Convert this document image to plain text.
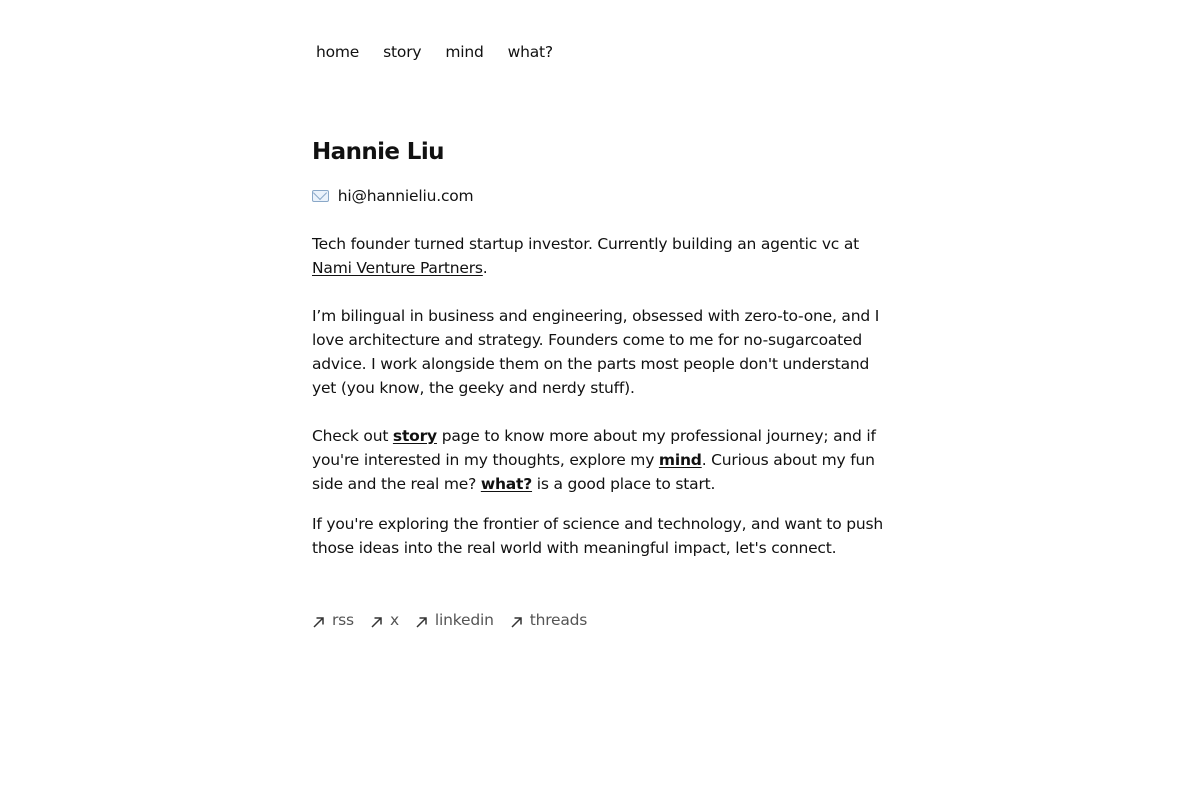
home story mind what?
Hannie Liu
hi@hannieliu.com

Tech founder turned startup investor. Currently building an agentic vc at Nami Venture Partners.

I’m bilingual in business and engineering, obsessed with zero-to-one, and I love architecture and strategy. Founders come to me for no-sugarcoated advice. I work alongside them on the parts most people don't understand yet (you know, the geeky and nerdy stuff).

Check out story page to know more about my professional journey; and if you're interested in my thoughts, explore my mind. Curious about my fun side and the real me? what? is a good place to start.

If you're exploring the frontier of science and technology, and want to push those ideas into the real world with meaningful impact, let's connect.

rss x linkedin threads
